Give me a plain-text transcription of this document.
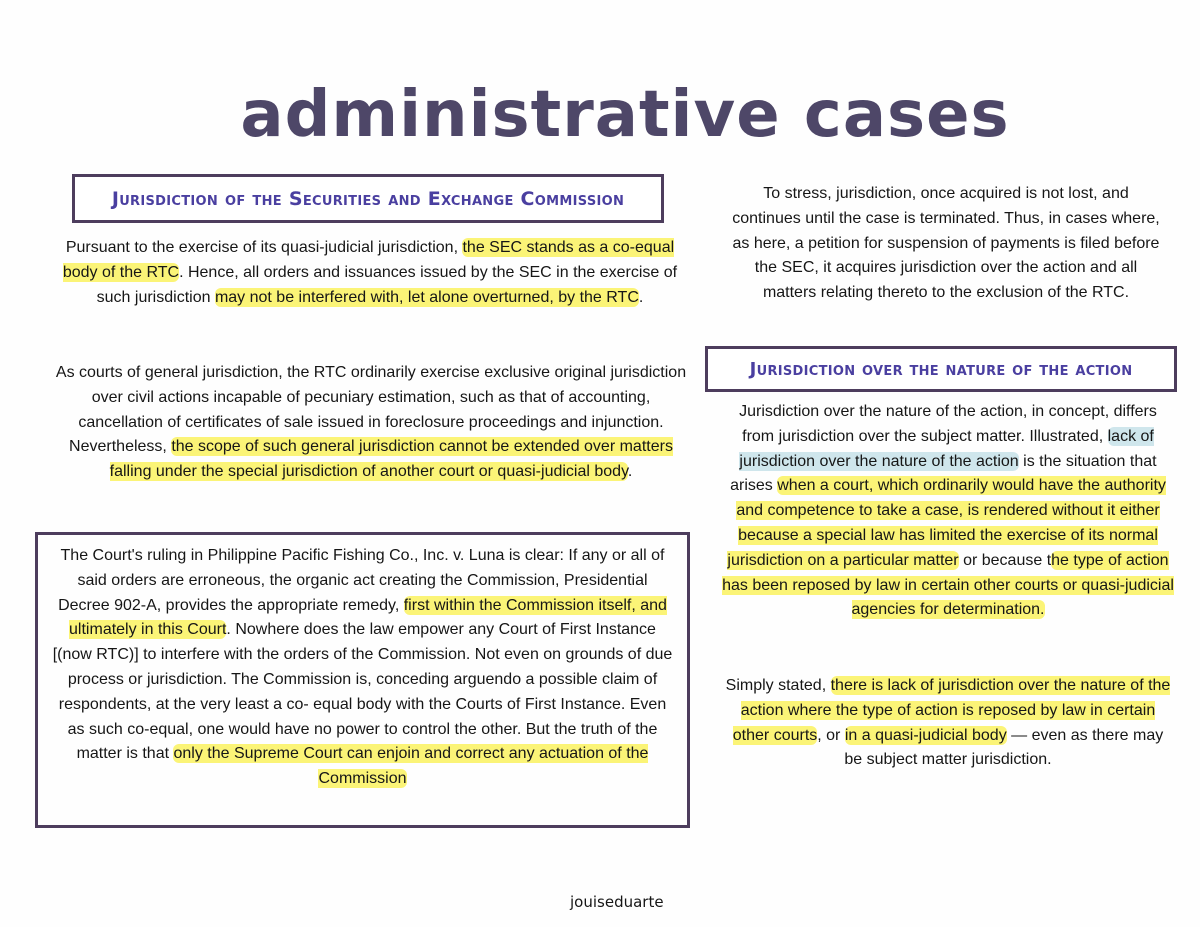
administrative cases
Jurisdiction of the Securities and Exchange Commission

Pursuant to the exercise of its quasi-judicial jurisdiction, the SEC stands as a co-equal body of the RTC. Hence, all orders and issuances issued by the SEC in the exercise of such jurisdiction may not be interfered with, let alone overturned, by the RTC.

As courts of general jurisdiction, the RTC ordinarily exercise exclusive original jurisdiction over civil actions incapable of pecuniary estimation, such as that of accounting, cancellation of certificates of sale issued in foreclosure proceedings and injunction. Nevertheless, the scope of such general jurisdiction cannot be extended over matters falling under the special jurisdiction of another court or quasi-judicial body.

The Court's ruling in Philippine Pacific Fishing Co., Inc. v. Luna is clear: If any or all of said orders are erroneous, the organic act creating the Commission, Presidential Decree 902-A, provides the appropriate remedy, first within the Commission itself, and ultimately in this Court. Nowhere does the law empower any Court of First Instance [(now RTC)] to interfere with the orders of the Commission. Not even on grounds of due process or jurisdiction. The Commission is, conceding arguendo a possible claim of respondents, at the very least a co- equal body with the Courts of First Instance. Even as such co-equal, one would have no power to control the other. But the truth of the matter is that only the Supreme Court can enjoin and correct any actuation of the Commission

To stress, jurisdiction, once acquired is not lost, and continues until the case is terminated. Thus, in cases where, as here, a petition for suspension of payments is filed before the SEC, it acquires jurisdiction over the action and all matters relating thereto to the exclusion of the RTC.

Jurisdiction over the nature of the action

Jurisdiction over the nature of the action, in concept, differs from jurisdiction over the subject matter. Illustrated, lack of jurisdiction over the nature of the action is the situation that arises when a court, which ordinarily would have the authority and competence to take a case, is rendered without it either because a special law has limited the exercise of its normal jurisdiction on a particular matter or because the type of action has been reposed by law in certain other courts or quasi-judicial agencies for determination.

Simply stated, there is lack of jurisdiction over the nature of the action where the type of action is reposed by law in certain other courts, or in a quasi-judicial body — even as there may be subject matter jurisdiction.

jouiseduarte
